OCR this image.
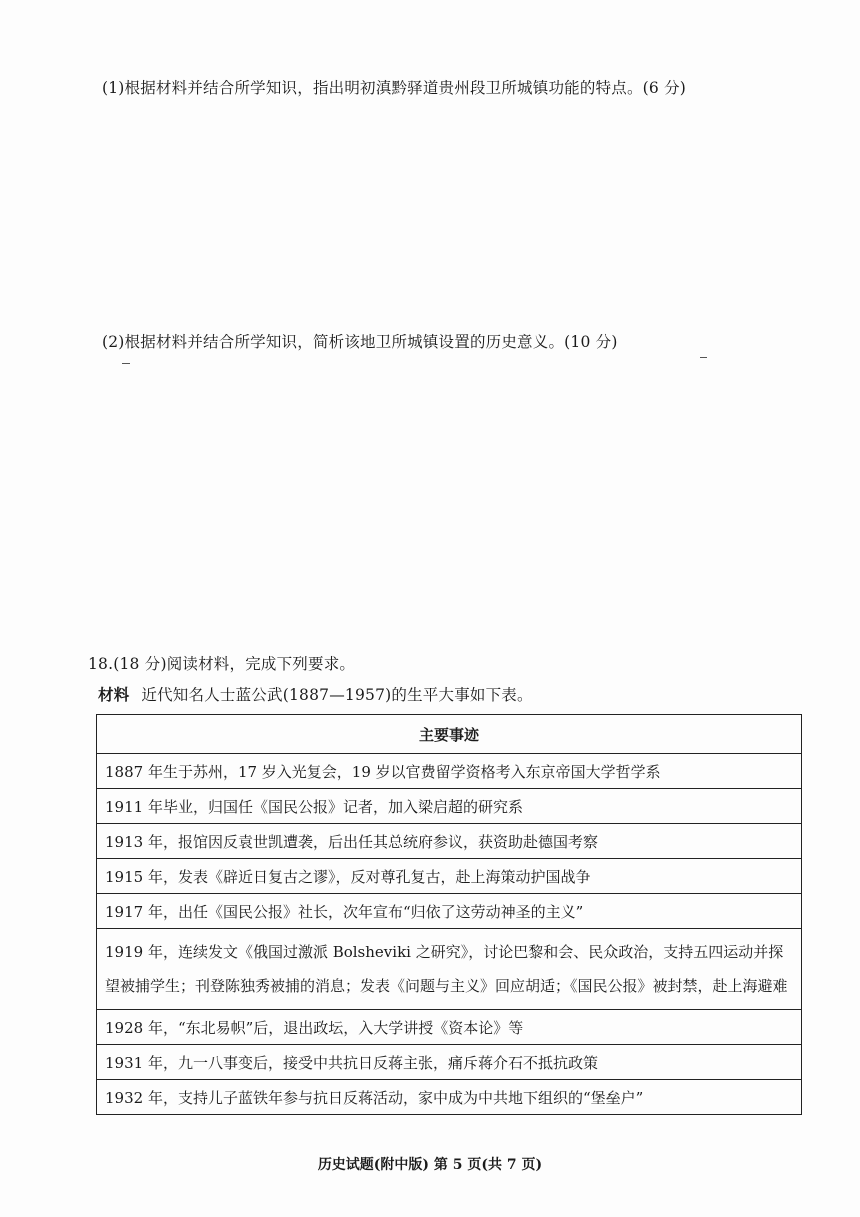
(1)根据材料并结合所学知识，指出明初滇黔驿道贵州段卫所城镇功能的特点。(6 分)
(2)根据材料并结合所学知识，简析该地卫所城镇设置的历史意义。(10 分)
18.(18 分)阅读材料，完成下列要求。
材料 近代知名人士蓝公武(1887—1957)的生平大事如下表。
主要事迹
1887 年生于苏州，17 岁入光复会，19 岁以官费留学资格考入东京帝国大学哲学系
1911 年毕业，归国任《国民公报》记者，加入梁启超的研究系
1913 年，报馆因反袁世凯遭袭，后出任其总统府参议，获资助赴德国考察
1915 年，发表《辟近日复古之谬》，反对尊孔复古，赴上海策动护国战争
1917 年，出任《国民公报》社长，次年宣布“归依了这劳动神圣的主义”
1919 年，连续发文《俄国过激派 Bolsheviki 之研究》，讨论巴黎和会、民众政治，支持五四运动并探望被捕学生；刊登陈独秀被捕的消息；发表《问题与主义》回应胡适；《国民公报》被封禁，赴上海避难
1928 年，“东北易帜”后，退出政坛，入大学讲授《资本论》等
1931 年，九一八事变后，接受中共抗日反蒋主张，痛斥蒋介石不抵抗政策
1932 年，支持儿子蓝铁年参与抗日反蒋活动，家中成为中共地下组织的“堡垒户”
历史试题(附中版) 第 5 页(共 7 页)
